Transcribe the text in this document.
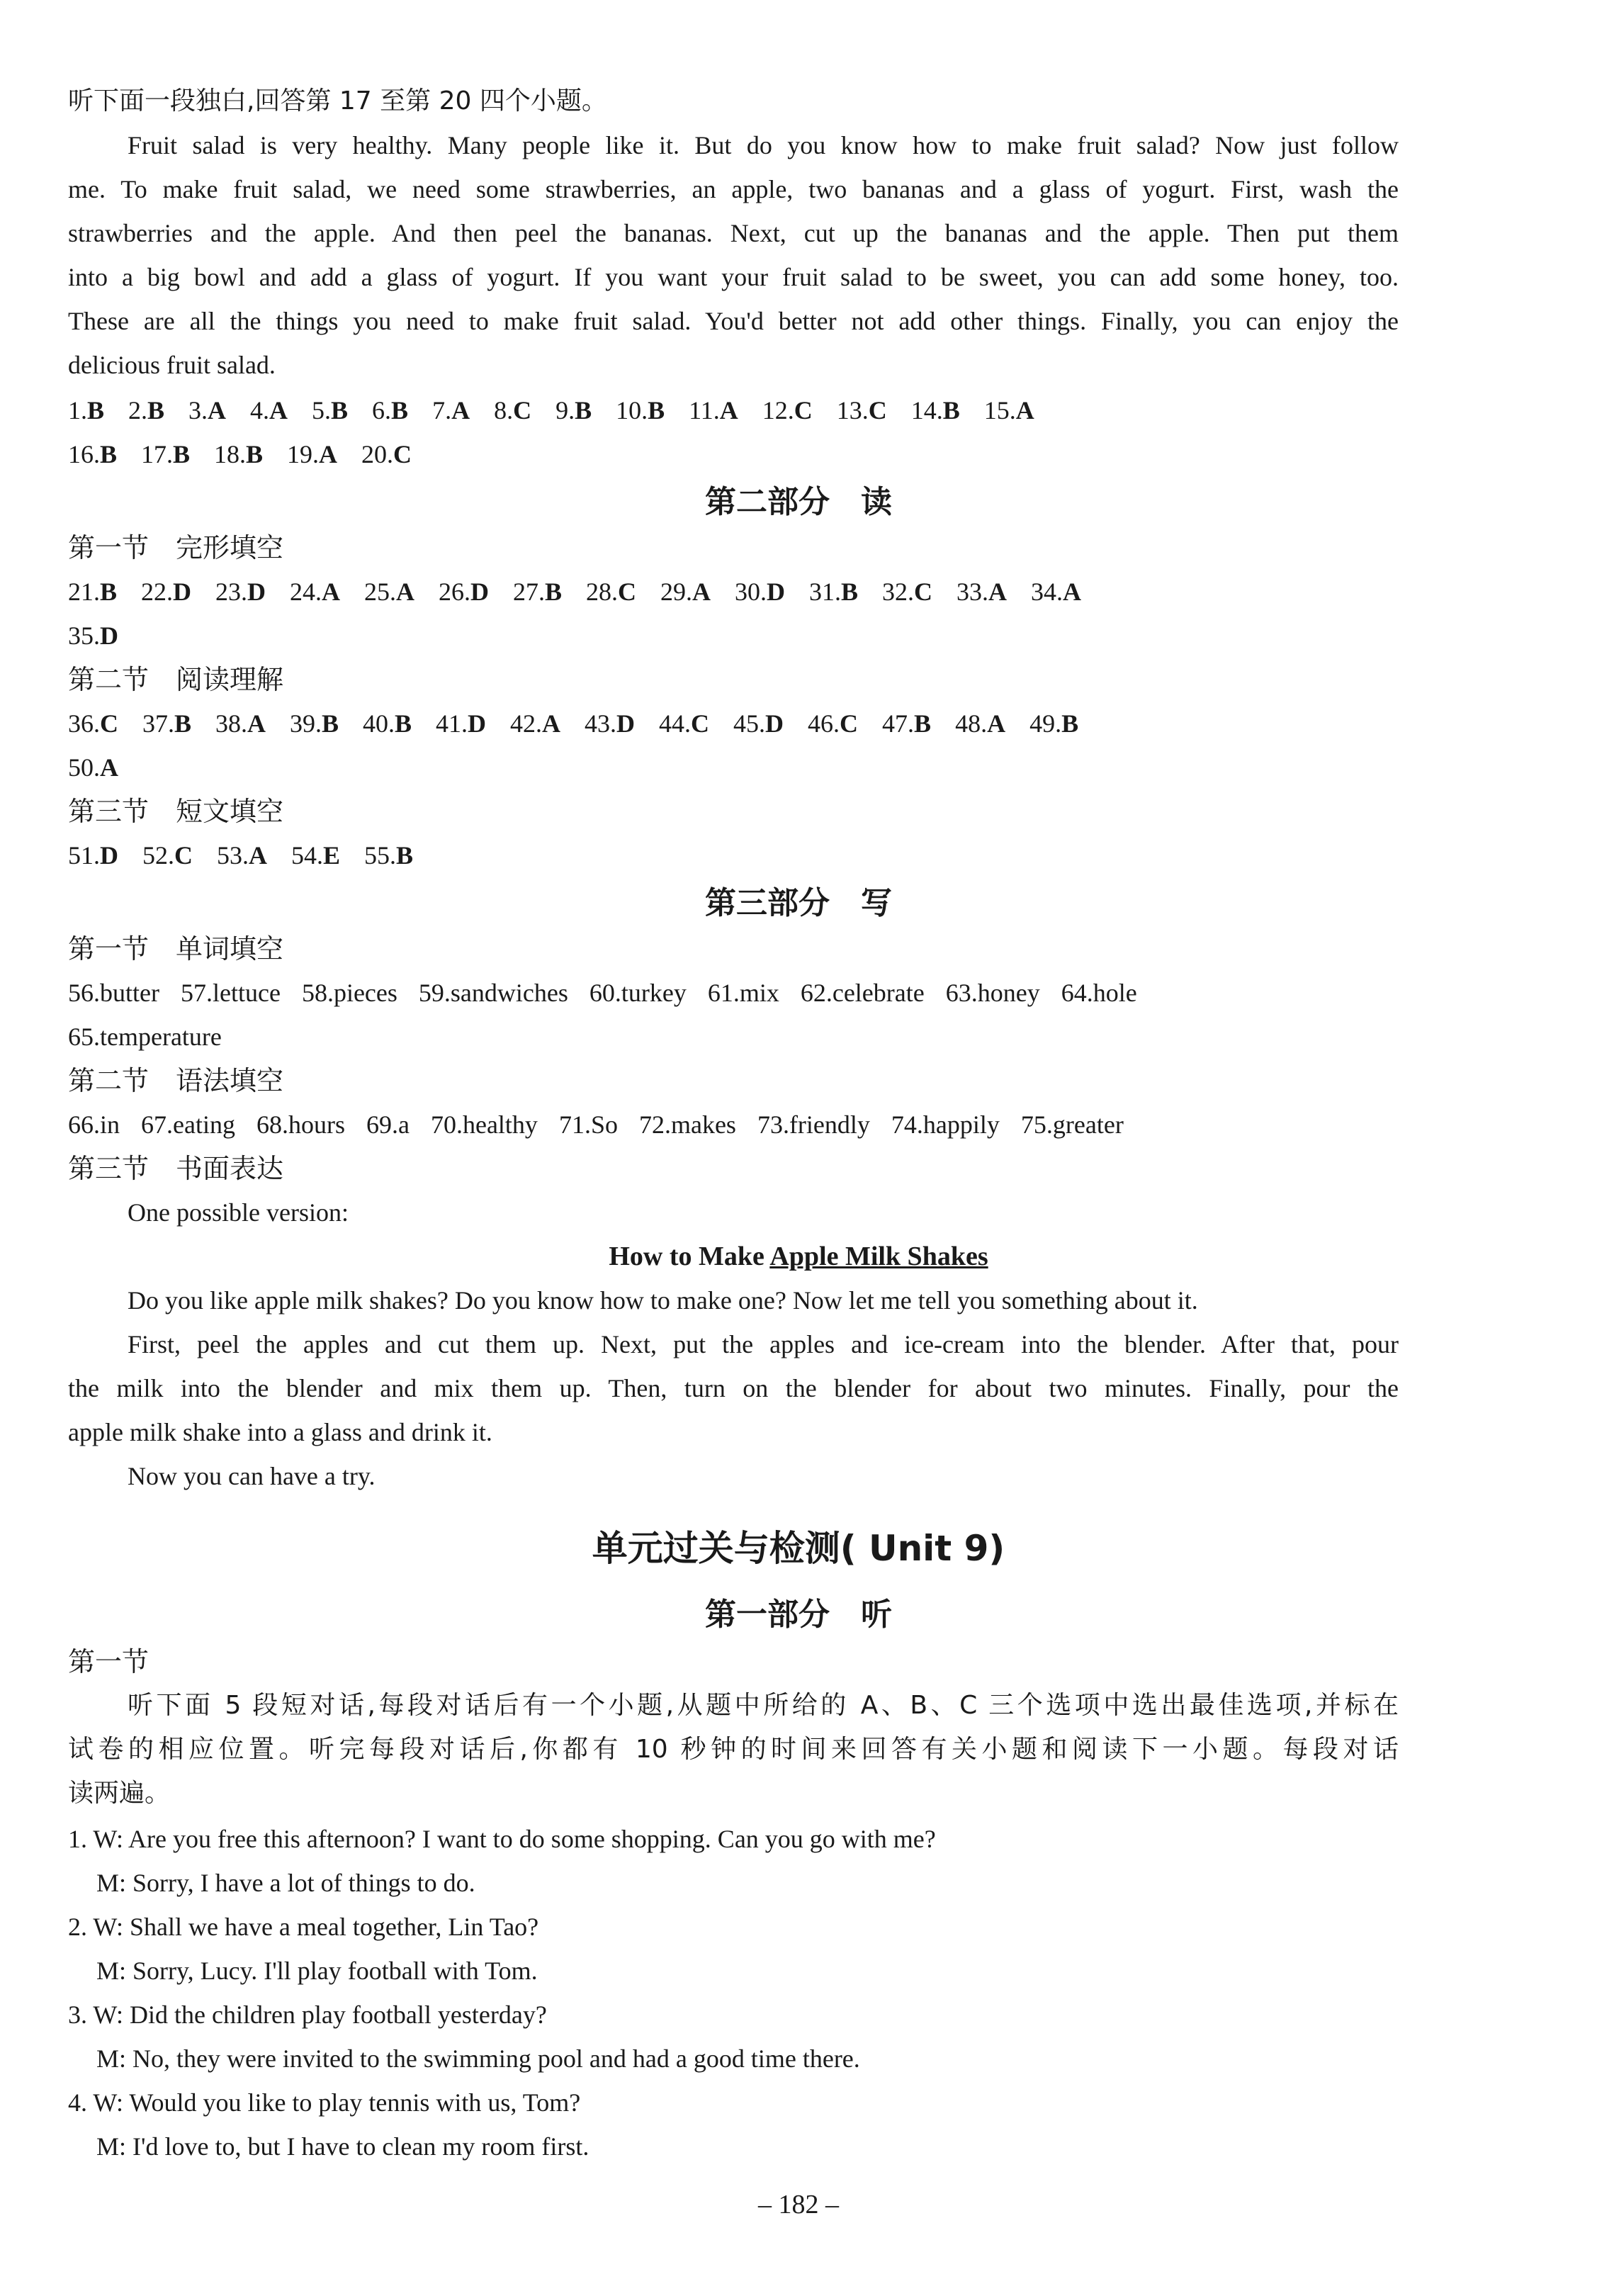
听下面一段独白,回答第 17 至第 20 四个小题。
Fruit salad is very healthy. Many people like it. But do you know how to make fruit salad? Now just follow
me. To make fruit salad, we need some strawberries, an apple, two bananas and a glass of yogurt. First, wash the
strawberries and the apple. And then peel the bananas. Next, cut up the bananas and the apple. Then put them
into a big bowl and add a glass of yogurt. If you want your fruit salad to be sweet, you can add some honey, too.
These are all the things you need to make fruit salad. You'd better not add other things. Finally, you can enjoy the
delicious fruit salad.
1.B 2.B 3.A 4.A 5.B 6.B 7.A 8.C 9.B 10.B 11.A 12.C 13.C 14.B 15.A
16.B 17.B 18.B 19.A 20.C
第二部分　读
第一节　完形填空
21.B 22.D 23.D 24.A 25.A 26.D 27.B 28.C 29.A 30.D 31.B 32.C 33.A 34.A
35.D
第二节　阅读理解
36.C 37.B 38.A 39.B 40.B 41.D 42.A 43.D 44.C 45.D 46.C 47.B 48.A 49.B
50.A
第三节　短文填空
51.D 52.C 53.A 54.E 55.B
第三部分　写
第一节　单词填空
56.butter 57.lettuce 58.pieces 59.sandwiches 60.turkey 61.mix 62.celebrate 63.honey 64.hole
65.temperature
第二节　语法填空
66.in 67.eating 68.hours 69.a 70.healthy 71.So 72.makes 73.friendly 74.happily 75.greater
第三节　书面表达
One possible version:
How to Make Apple Milk Shakes
Do you like apple milk shakes? Do you know how to make one? Now let me tell you something about it.
First, peel the apples and cut them up. Next, put the apples and ice-cream into the blender. After that, pour
the milk into the blender and mix them up. Then, turn on the blender for about two minutes. Finally, pour the
apple milk shake into a glass and drink it.
Now you can have a try.
单元过关与检测( Unit 9)
第一部分　听
第一节
听下面 5 段短对话,每段对话后有一个小题,从题中所给的 A、B、C 三个选项中选出最佳选项,并标在
试卷的相应位置。听完每段对话后,你都有 10 秒钟的时间来回答有关小题和阅读下一小题。每段对话
读两遍。
1. W: Are you free this afternoon? I want to do some shopping. Can you go with me?
M: Sorry, I have a lot of things to do.
2. W: Shall we have a meal together, Lin Tao?
M: Sorry, Lucy. I'll play football with Tom.
3. W: Did the children play football yesterday?
M: No, they were invited to the swimming pool and had a good time there.
4. W: Would you like to play tennis with us, Tom?
M: I'd love to, but I have to clean my room first.
– 182 –
